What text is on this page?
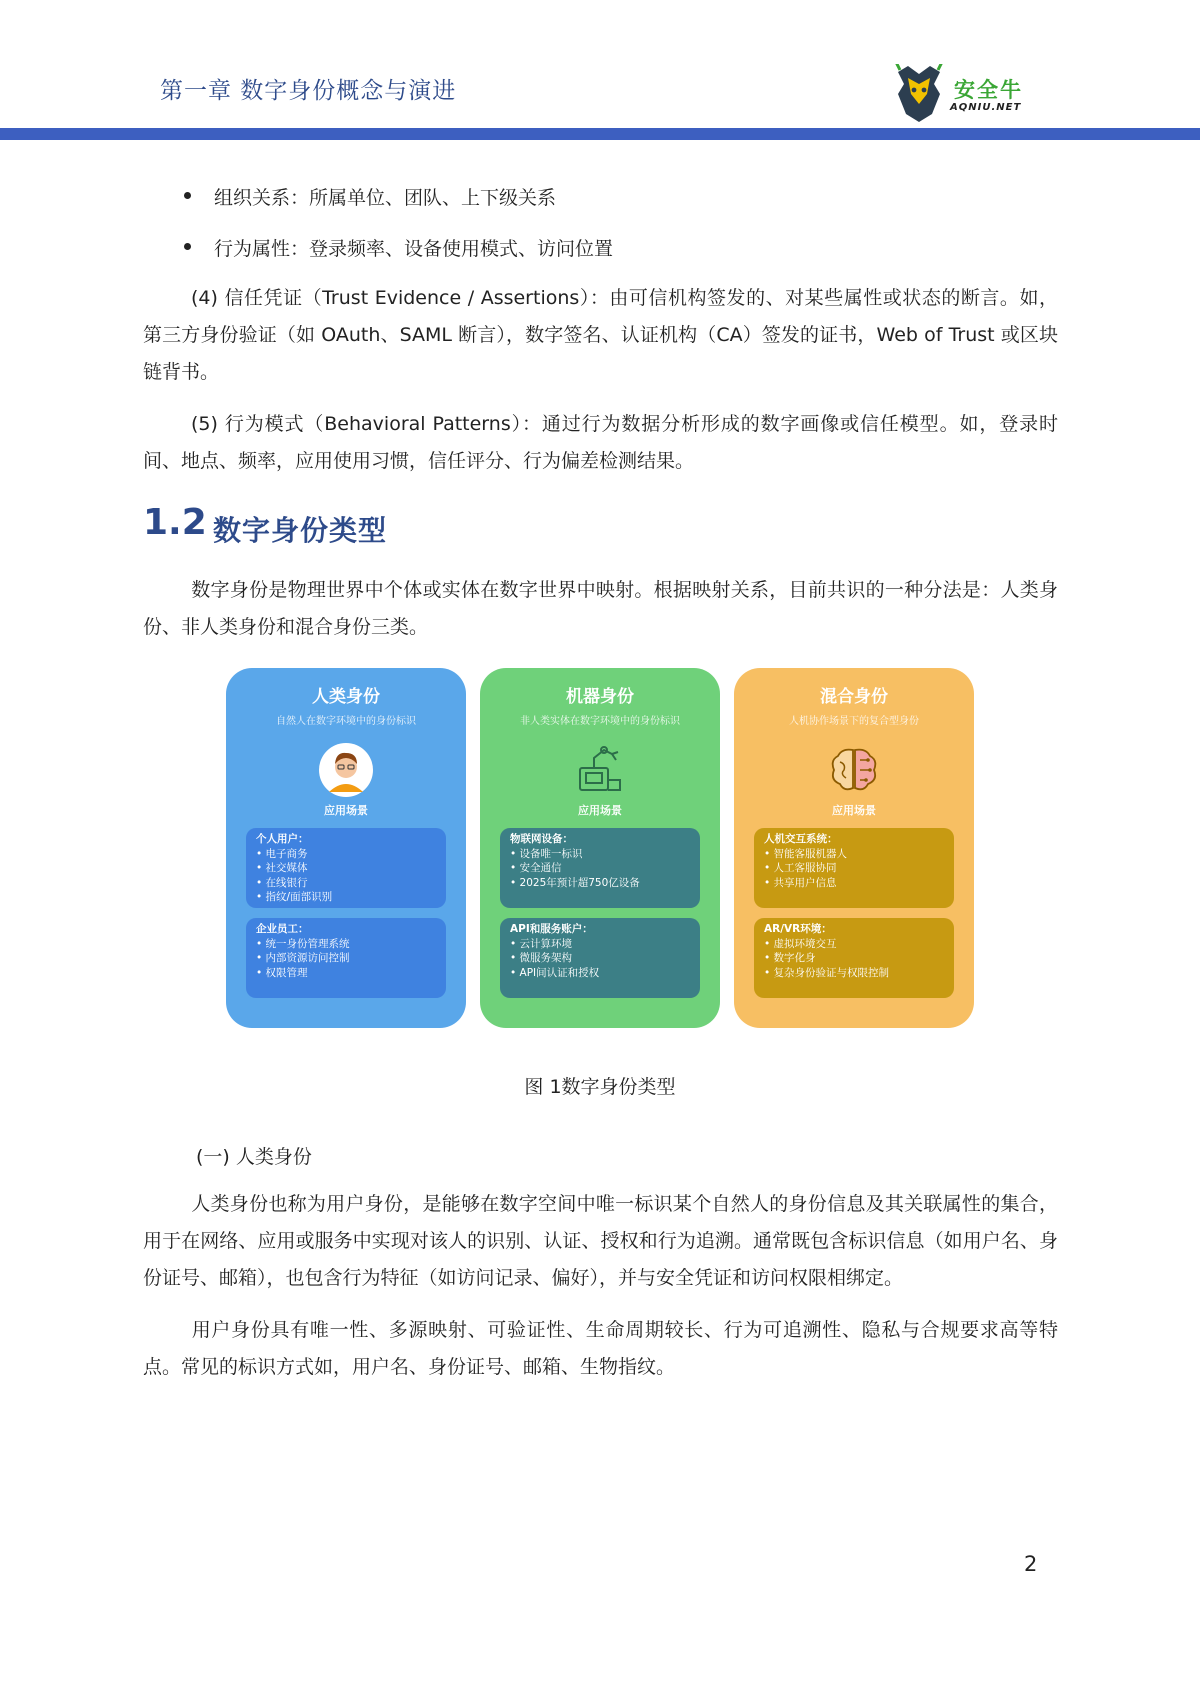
第一章 数字身份概念与演进	安全牛
AQNIU.NET
组织关系：所属单位、团队、上下级关系
行为属性：登录频率、设备使用模式、访问位置
(4) 信任凭证（Trust Evidence / Assertions）：由可信机构签发的、对某些属性或状态的断言。如，第三方身份验证（如 OAuth、SAML 断言），数字签名、认证机构（CA）签发的证书，Web of Trust 或区块链背书。
(5) 行为模式（Behavioral Patterns）：通过行为数据分析形成的数字画像或信任模型。如，登录时间、地点、频率，应用使用习惯，信任评分、行为偏差检测结果。
1.2 数字身份类型
数字身份是物理世界中个体或实体在数字世界中映射。根据映射关系，目前共识的一种分法是：人类身份、非人类身份和混合身份三类。
人类身份
自然人在数字环境中的身份标识
应用场景
个人用户：
• 电子商务
• 社交媒体
• 在线银行
• 指纹/面部识别
企业员工：
• 统一身份管理系统
• 内部资源访问控制
• 权限管理
机器身份
非人类实体在数字环境中的身份标识
应用场景
物联网设备：
• 设备唯一标识
• 安全通信
• 2025年预计超750亿设备
API和服务账户：
• 云计算环境
• 微服务架构
• API间认证和授权
混合身份
人机协作场景下的复合型身份
应用场景
人机交互系统：
• 智能客服机器人
• 人工客服协同
• 共享用户信息
AR/VR环境：
• 虚拟环境交互
• 数字化身
• 复杂身份验证与权限控制
图 1数字身份类型
(一) 人类身份
人类身份也称为用户身份，是能够在数字空间中唯一标识某个自然人的身份信息及其关联属性的集合，用于在网络、应用或服务中实现对该人的识别、认证、授权和行为追溯。通常既包含标识信息（如用户名、身份证号、邮箱），也包含行为特征（如访问记录、偏好），并与安全凭证和访问权限相绑定。
用户身份具有唯一性、多源映射、可验证性、生命周期较长、行为可追溯性、隐私与合规要求高等特点。常见的标识方式如，用户名、身份证号、邮箱、生物指纹。
2
